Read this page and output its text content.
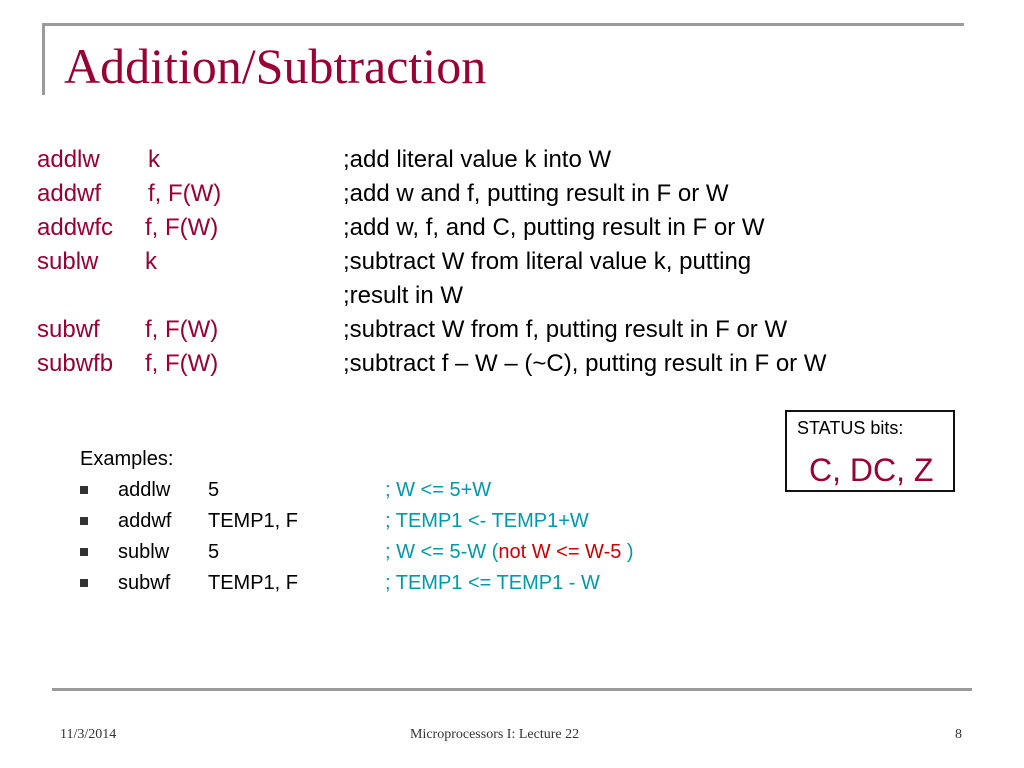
Addition/Subtraction
addlw k	;add literal value k into W
addwf f, F(W)	;add w and f, putting result in F or W
addwfc f, F(W)	;add w, f, and C, putting result in F or W
sublw k	;subtract W from literal value k, putting
;result in W
subwf f, F(W)	;subtract W from f, putting result in F or W
subwfb f, F(W)	;subtract f – W – (~C), putting result in F or W
STATUS bits:
C, DC, Z
Examples:
addlw 5	; W <= 5+W
addwf TEMP1, F	; TEMP1 <- TEMP1+W
sublw 5	; W <= 5-W (not W <= W-5 )
subwf TEMP1, F	; TEMP1 <= TEMP1 - W
11/3/2014	Microprocessors I: Lecture 22	8
